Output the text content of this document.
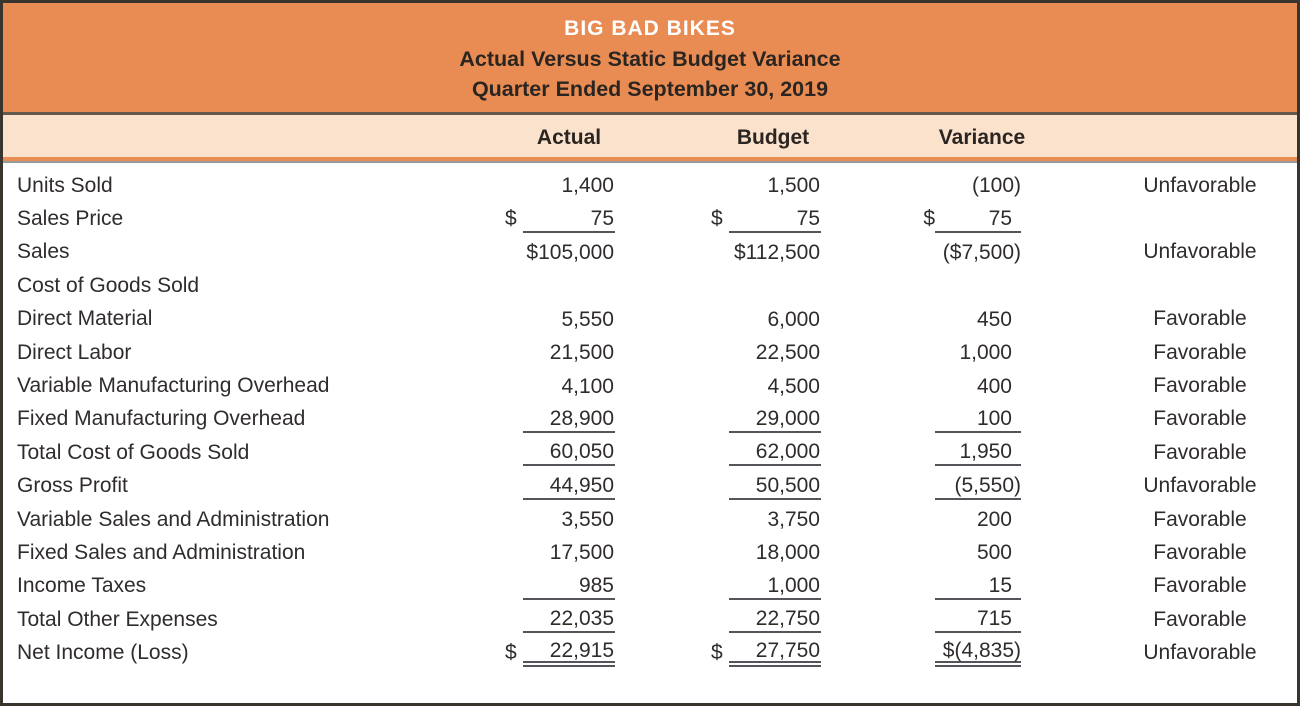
BIG BAD BIKES
Actual Versus Static Budget Variance
Quarter Ended September 30, 2019
Actual	Budget	Variance
Units Sold	1,400	1,500	(100)	Unfavorable
Sales Price	$	75	$	75	$	75
Sales	$105,000	$112,500	($7,500)	Unfavorable
Cost of Goods Sold
Direct Material	5,550	6,000	450	Favorable
Direct Labor	21,500	22,500	1,000	Favorable
Variable Manufacturing Overhead	4,100	4,500	400	Favorable
Fixed Manufacturing Overhead	28,900	29,000	100	Favorable
Total Cost of Goods Sold	60,050	62,000	1,950	Favorable
Gross Profit	44,950	50,500	(5,550)	Unfavorable
Variable Sales and Administration	3,550	3,750	200	Favorable
Fixed Sales and Administration	17,500	18,000	500	Favorable
Income Taxes	985	1,000	15	Favorable
Total Other Expenses	22,035	22,750	715	Favorable
Net Income (Loss)	$	22,915	$	27,750	$(4,835)	Unfavorable
